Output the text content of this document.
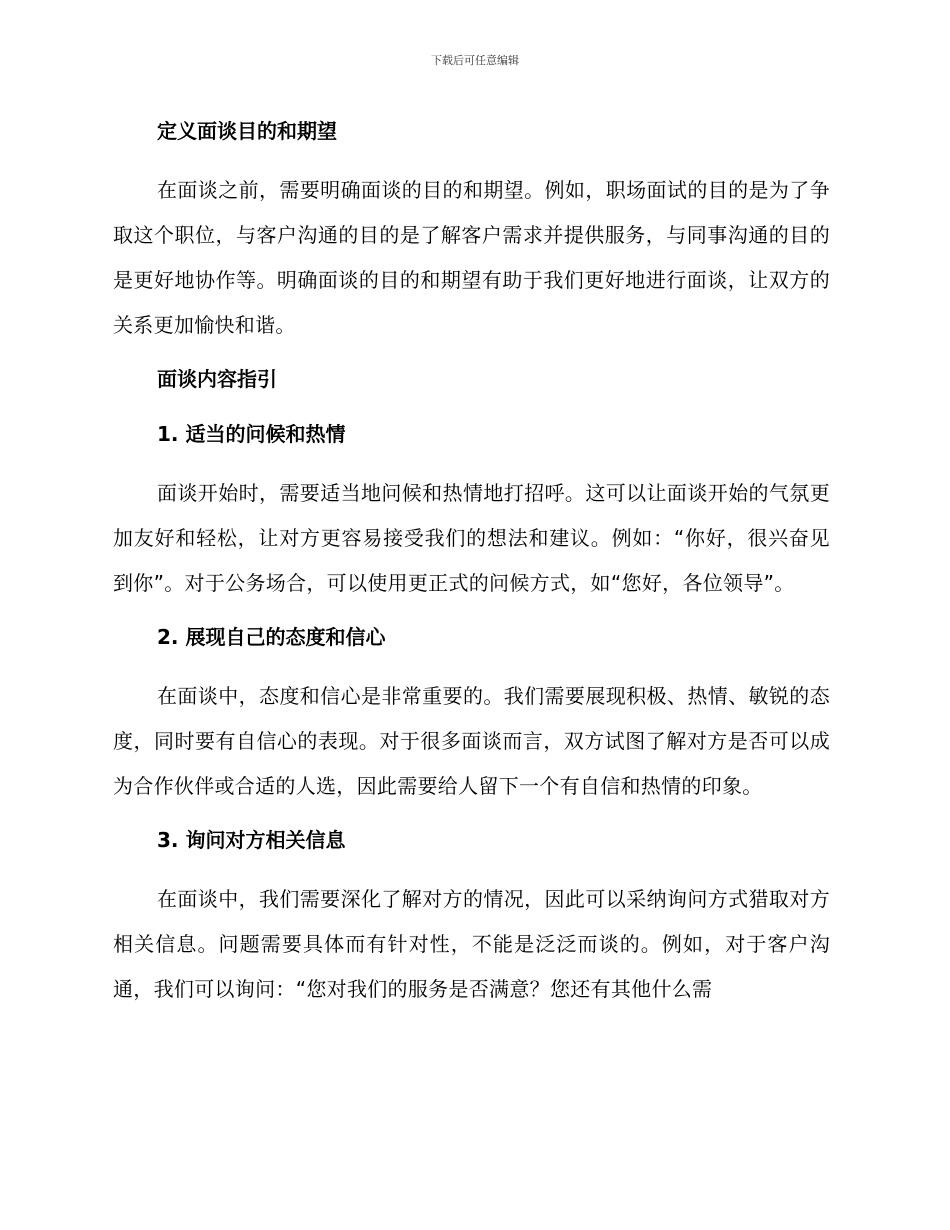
下载后可任意编辑
定义面谈目的和期望

在面谈之前，需要明确面谈的目的和期望。例如，职场面试的目的是为了争取这个职位，与客户沟通的目的是了解客户需求并提供服务，与同事沟通的目的是更好地协作等。明确面谈的目的和期望有助于我们更好地进行面谈，让双方的关系更加愉快和谐。

面谈内容指引
1. 适当的问候和热情

面谈开始时，需要适当地问候和热情地打招呼。这可以让面谈开始的气氛更加友好和轻松，让对方更容易接受我们的想法和建议。例如：“你好，很兴奋见到你”。对于公务场合，可以使用更正式的问候方式，如“您好，各位领导”。

2. 展现自己的态度和信心

在面谈中，态度和信心是非常重要的。我们需要展现积极、热情、敏锐的态度，同时要有自信心的表现。对于很多面谈而言，双方试图了解对方是否可以成为合作伙伴或合适的人选，因此需要给人留下一个有自信和热情的印象。

3. 询问对方相关信息

在面谈中，我们需要深化了解对方的情况，因此可以采纳询问方式猎取对方相关信息。问题需要具体而有针对性，不能是泛泛而谈的。例如，对于客户沟通，我们可以询问：“您对我们的服务是否满意？您还有其他什么需
